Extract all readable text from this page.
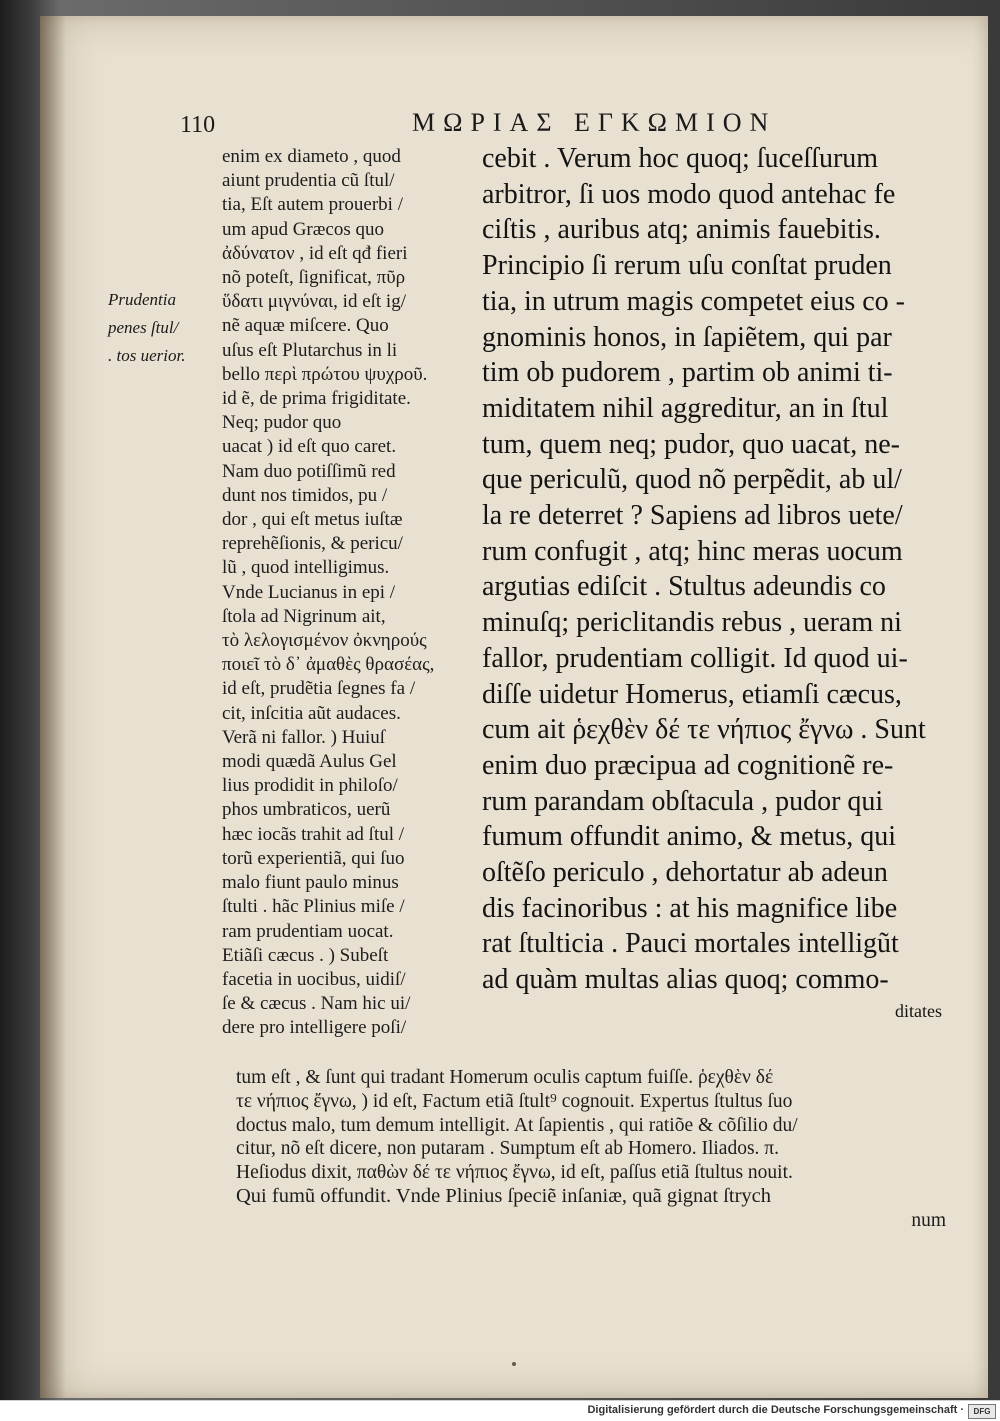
110	ΜΩΡΙΑΣ ΕΓΚΩΜΙΟΝ
Prudentia
penes ſtul/
. tos uerior.
enim ex diameto , quod
aiunt prudentia cũ ſtul/
tia, Eſt autem prouerbi /
um apud Græcos quo
ἀδύνατον , id eſt qđ fieri
nõ poteſt, ſignificat, πῦρ
ὕδατι μιγνύναι, id eſt ig/
nẽ aquæ miſcere. Quo
uſus eſt Plutarchus in li
bello περὶ πρώτου ψυχροῦ.
id ẽ, de prima frigiditate.
Neq; pudor quo
uacat ) id eſt quo caret.
Nam duo potiſſimũ red
dunt nos timidos, pu /
dor , qui eſt metus iuſtæ
reprehẽſionis, & pericu/
lũ , quod intelligimus.
Vnde Lucianus in epi /
ſtola ad Nigrinum ait,
τὸ λελογισμένον ὀκνηρούς
ποιεῖ τὸ δ᾽ ἀμαθὲς θρασέας,
id eſt, prudẽtia ſegnes fa /
cit, inſcitia aũt audaces.
Verã ni fallor. ) Huiuſ
modi quædã Aulus Gel
lius prodidit in philoſo/
phos umbraticos, uerũ
hæc iocãs trahit ad ſtul /
torũ experientiã, qui ſuo
malo fiunt paulo minus
ſtulti . hãc Plinius miſe /
ram prudentiam uocat.
Etiãſi cæcus . ) Subeſt
facetia in uocibus, uidiſ/
ſe & cæcus . Nam hic ui/
dere pro intelligere poſi/
cebit . Verum hoc quoq; ſuceſſurum
arbitror, ſi uos modo quod antehac fe
ciſtis , auribus atq; animis fauebitis.
Principio ſi rerum uſu conſtat pruden
tia, in utrum magis competet eius co -
gnominis honos, in ſapiẽtem, qui par
tim ob pudorem , partim ob animi ti-
miditatem nihil aggreditur, an in ſtul
tum, quem neq; pudor, quo uacat, ne-
que periculũ, quod nõ perpẽdit, ab ul/
la re deterret ? Sapiens ad libros uete/
rum confugit , atq; hinc meras uocum
argutias ediſcit . Stultus adeundis co
minuſq; periclitandis rebus , ueram ni
fallor, prudentiam colligit. Id quod ui-
diſſe uidetur Homerus, etiamſi cæcus,
cum ait ῥεχθὲν δέ τε νήπιος ἔγνω . Sunt
enim duo præcipua ad cognitionẽ re-
rum parandam obſtacula , pudor qui
fumum offundit animo, & metus, qui
oſtẽſo periculo , dehortatur ab adeun
dis facinoribus : at his magnifice libe
rat ſtulticia . Pauci mortales intelligũt
ad quàm multas alias quoq; commo-
ditates
tum eſt , & ſunt qui tradant Homerum oculis captum fuiſſe. ῥεχθὲν δέ
τε νήπιος ἔγνω, ) id eſt, Factum etiã ſtult⁹ cognouit. Expertus ſtultus ſuo
doctus malo, tum demum intelligit. At ſapientis , qui ratiõe & cõſilio du/
citur, nõ eſt dicere, non putaram . Sumptum eſt ab Homero. Iliados. π.
Heſiodus dixit, παθὼν δέ τε νήπιος ἔγνω, id eſt, paſſus etiã ſtultus nouit.
Qui fumũ offundit. Vnde Plinius ſpeciẽ inſaniæ, quã gignat ſtrych
num
Digitalisierung gefördert durch die Deutsche Forschungsgemeinschaft ·	DFG
